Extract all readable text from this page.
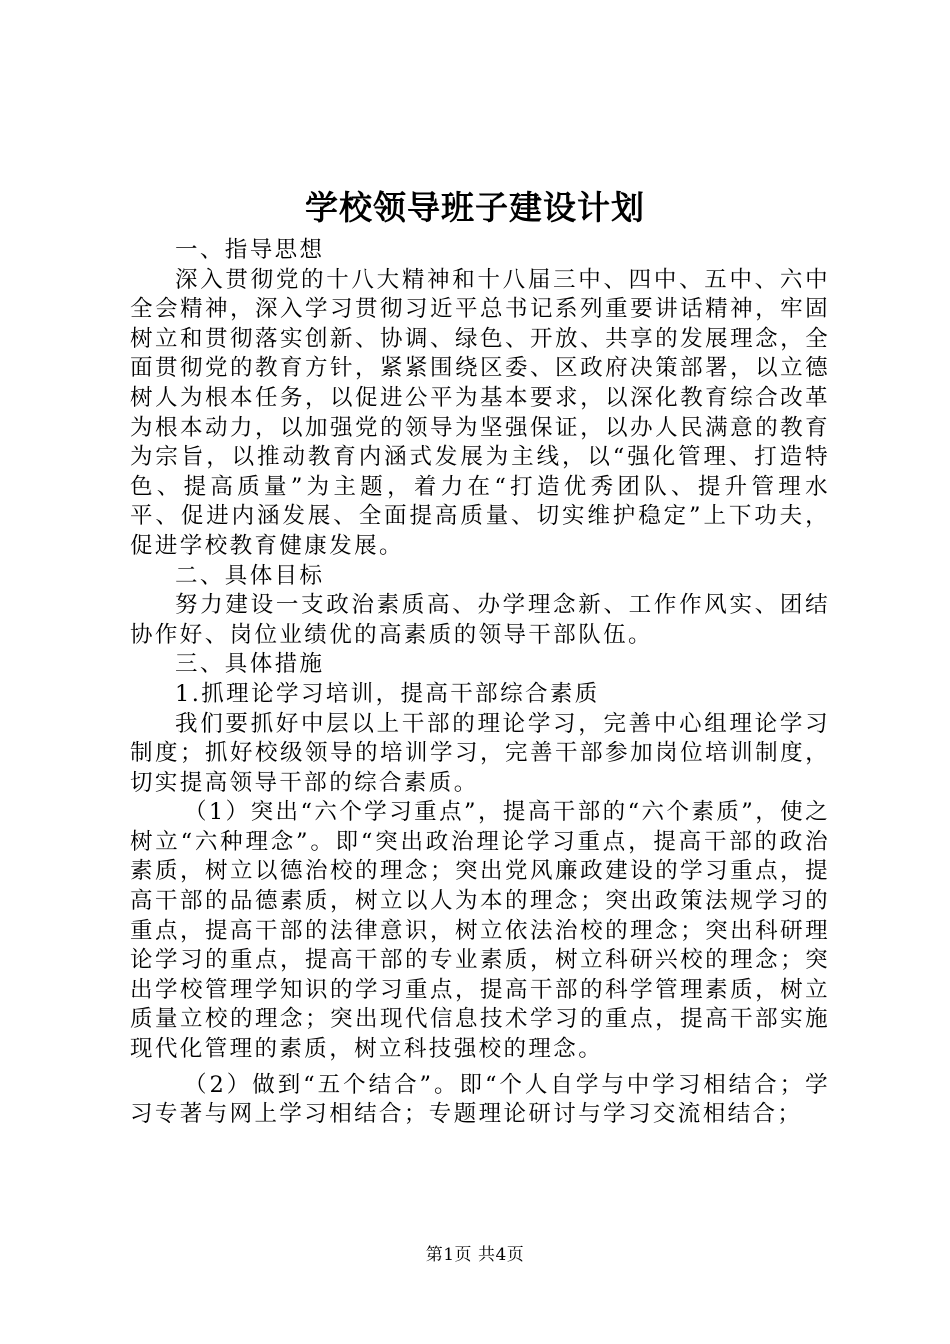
学校领导班子建设计划

一、指导思想

深入贯彻党的十八大精神和十八届三中、四中、五中、六中全会精神，深入学习贯彻习近平总书记系列重要讲话精神，牢固树立和贯彻落实创新、协调、绿色、开放、共享的发展理念，全面贯彻党的教育方针，紧紧围绕区委、区政府决策部署，以立德树人为根本任务，以促进公平为基本要求，以深化教育综合改革为根本动力，以加强党的领导为坚强保证，以办人民满意的教育为宗旨，以推动教育内涵式发展为主线，以“强化管理、打造特色、提高质量”为主题，着力在“打造优秀团队、提升管理水平、促进内涵发展、全面提高质量、切实维护稳定”上下功夫，促进学校教育健康发展。

二、具体目标

努力建设一支政治素质高、办学理念新、工作作风实、团结协作好、岗位业绩优的高素质的领导干部队伍。

三、具体措施

1.抓理论学习培训，提高干部综合素质

我们要抓好中层以上干部的理论学习，完善中心组理论学习制度；抓好校级领导的培训学习，完善干部参加岗位培训制度，切实提高领导干部的综合素质。

（1）突出“六个学习重点”，提高干部的“六个素质”，使之树立“六种理念”。即“突出政治理论学习重点，提高干部的政治素质，树立以德治校的理念；突出党风廉政建设的学习重点，提高干部的品德素质，树立以人为本的理念；突出政策法规学习的重点，提高干部的法律意识，树立依法治校的理念；突出科研理论学习的重点，提高干部的专业素质，树立科研兴校的理念；突出学校管理学知识的学习重点，提高干部的科学管理素质，树立质量立校的理念；突出现代信息技术学习的重点，提高干部实施现代化管理的素质，树立科技强校的理念。

（2）做到“五个结合”。即“个人自学与中学习相结合；学习专著与网上学习相结合；专题理论研讨与学习交流相结合；

第1页 共4页
